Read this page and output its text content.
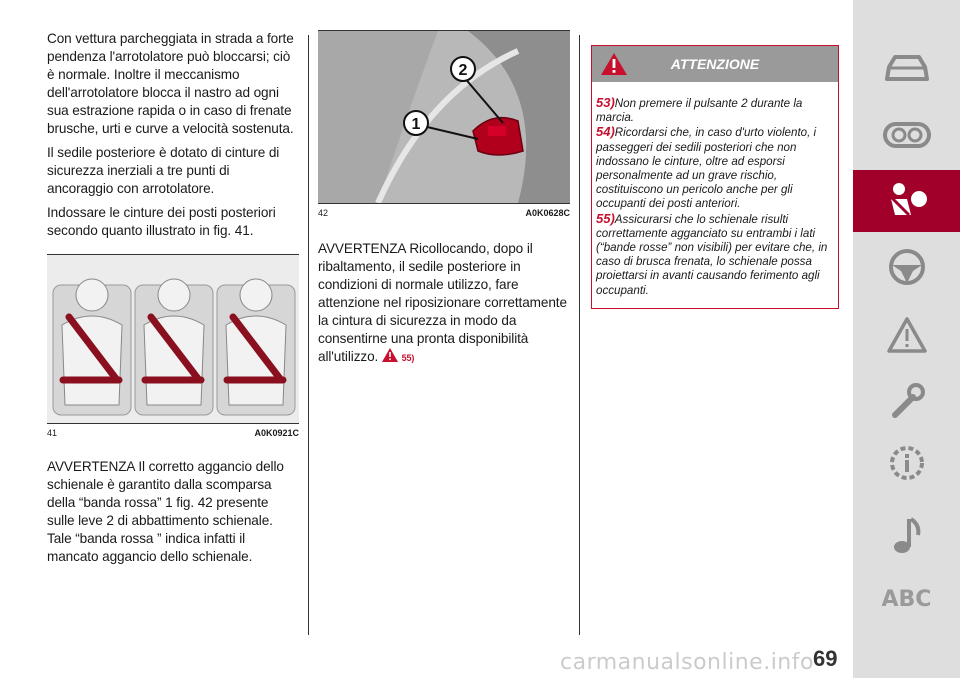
Con vettura parcheggiata in strada a forte pendenza l'arrotolatore può bloccarsi; ciò è normale. Inoltre il meccanismo dell'arrotolatore blocca il nastro ad ogni sua estrazione rapida o in caso di frenate brusche, urti e curve a velocità sostenuta.

Il sedile posteriore è dotato di cinture di sicurezza inerziali a tre punti di ancoraggio con arrotolatore.

Indossare le cinture dei posti posteriori secondo quanto illustrato in fig. 41.

41	A0K0921C

AVVERTENZA Il corretto aggancio dello schienale è garantito dalla scomparsa della “banda rossa” 1 fig. 42 presente sulle leve 2 di abbattimento schienale. Tale “banda rossa ” indica infatti il mancato aggancio dello schienale.

2
1
42	A0K0628C

AVVERTENZA Ricollocando, dopo il ribaltamento, il sedile posteriore in condizioni di normale utilizzo, fare attenzione nel riposizionare correttamente la cintura di sicurezza in modo da consentirne una pronta disponibilità all'utilizzo.	55)

ATTENZIONE

53)Non premere il pulsante 2 durante la marcia.

54)Ricordarsi che, in caso d'urto violento, i passeggeri dei sedili posteriori che non indossano le cinture, oltre ad esporsi personalmente ad un grave rischio, costituiscono un pericolo anche per gli occupanti dei posti anteriori.

55)Assicurarsi che lo schienale risulti correttamente agganciato su entrambi i lati (“bande rosse” non visibili) per evitare che, in caso di brusca frenata, lo schienale possa proiettarsi in avanti causando ferimento agli occupanti.

ABC
69
carmanualsonline.info
